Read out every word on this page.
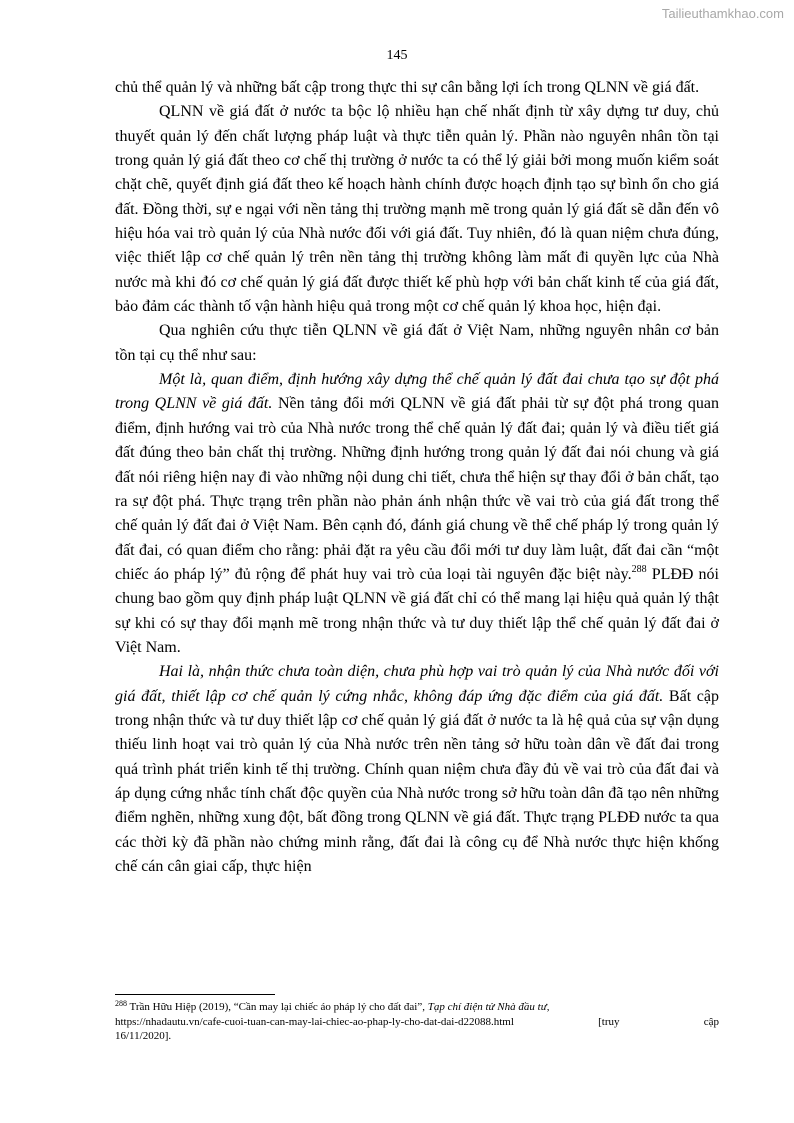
Tailieuthamkhao.com
145

chủ thể quản lý và những bất cập trong thực thi sự cân bằng lợi ích trong QLNN về giá đất.

QLNN về giá đất ở nước ta bộc lộ nhiều hạn chế nhất định từ xây dựng tư duy, chủ thuyết quản lý đến chất lượng pháp luật và thực tiễn quản lý. Phần nào nguyên nhân tồn tại trong quản lý giá đất theo cơ chế thị trường ở nước ta có thể lý giải bởi mong muốn kiểm soát chặt chẽ, quyết định giá đất theo kế hoạch hành chính được hoạch định tạo sự bình ổn cho giá đất. Đồng thời, sự e ngại với nền tảng thị trường mạnh mẽ trong quản lý giá đất sẽ dẫn đến vô hiệu hóa vai trò quản lý của Nhà nước đối với giá đất. Tuy nhiên, đó là quan niệm chưa đúng, việc thiết lập cơ chế quản lý trên nền tảng thị trường không làm mất đi quyền lực của Nhà nước mà khi đó cơ chế quản lý giá đất được thiết kế phù hợp với bản chất kinh tế của giá đất, bảo đảm các thành tố vận hành hiệu quả trong một cơ chế quản lý khoa học, hiện đại.

Qua nghiên cứu thực tiễn QLNN về giá đất ở Việt Nam, những nguyên nhân cơ bản tồn tại cụ thể như sau:

Một là, quan điểm, định hướng xây dựng thể chế quản lý đất đai chưa tạo sự đột phá trong QLNN về giá đất. Nền tảng đổi mới QLNN về giá đất phải từ sự đột phá trong quan điểm, định hướng vai trò của Nhà nước trong thể chế quản lý đất đai; quản lý và điều tiết giá đất đúng theo bản chất thị trường. Những định hướng trong quản lý đất đai nói chung và giá đất nói riêng hiện nay đi vào những nội dung chi tiết, chưa thể hiện sự thay đổi ở bản chất, tạo ra sự đột phá. Thực trạng trên phần nào phản ánh nhận thức về vai trò của giá đất trong thể chế quản lý đất đai ở Việt Nam. Bên cạnh đó, đánh giá chung về thể chế pháp lý trong quản lý đất đai, có quan điểm cho rằng: phải đặt ra yêu cầu đổi mới tư duy làm luật, đất đai cần “một chiếc áo pháp lý” đủ rộng để phát huy vai trò của loại tài nguyên đặc biệt này.$^{288}$ PLĐĐ nói chung bao gồm quy định pháp luật QLNN về giá đất chỉ có thể mang lại hiệu quả quản lý thật sự khi có sự thay đổi mạnh mẽ trong nhận thức và tư duy thiết lập thể chế quản lý đất đai ở Việt Nam.

Hai là, nhận thức chưa toàn diện, chưa phù hợp vai trò quản lý của Nhà nước đối với giá đất, thiết lập cơ chế quản lý cứng nhắc, không đáp ứng đặc điểm của giá đất. Bất cập trong nhận thức và tư duy thiết lập cơ chế quản lý giá đất ở nước ta là hệ quả của sự vận dụng thiếu linh hoạt vai trò quản lý của Nhà nước trên nền tảng sở hữu toàn dân về đất đai trong quá trình phát triển kinh tế thị trường. Chính quan niệm chưa đầy đủ về vai trò của đất đai và áp dụng cứng nhắc tính chất độc quyền của Nhà nước trong sở hữu toàn dân đã tạo nên những điểm nghẽn, những xung đột, bất đồng trong QLNN về giá đất. Thực trạng PLĐĐ nước ta qua các thời kỳ đã phần nào chứng minh rằng, đất đai là công cụ để Nhà nước thực hiện khống chế cán cân giai cấp, thực hiện

$^{288}$ Trần Hữu Hiệp (2019), “Cần may lại chiếc áo pháp lý cho đất đai”, Tạp chí điện tử Nhà đầu tư,
https://nhadautu.vn/cafe-cuoi-tuan-can-may-lai-chiec-ao-phap-ly-cho-dat-dai-d22088.html	[truy	cập
16/11/2020].
